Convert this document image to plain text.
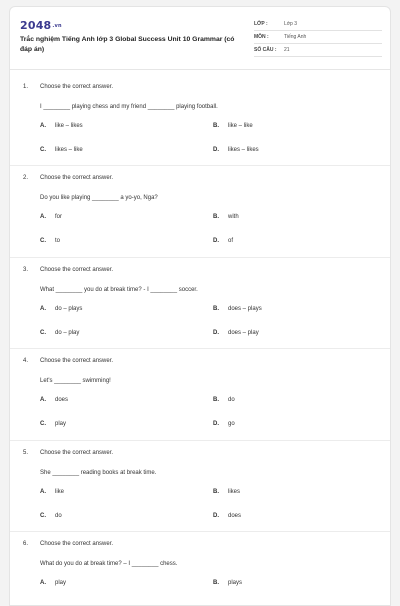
2048.vn
Trắc nghiệm Tiếng Anh lớp 3 Global Success Unit 10 Grammar (có đáp án)
LỚP :	Lớp 3
MÔN :	Tiếng Anh
SỐ CÂU : 21
1. Choose the correct answer.
I ________ playing chess and my friend ________ playing football.
A. like – likes	B. like – like
C. likes – like	D. likes – likes
2. Choose the correct answer.
Do you like playing ________ a yo-yo, Nga?
A. for	B. with
C. to	D. of
3. Choose the correct answer.
What ________ you do at break time? - I ________ soccer.
A. do – plays	B. does – plays
C. do – play	D. does – play
4. Choose the correct answer.
Let's ________ swimming!
A. does	B. do
C. play	D. go
5. Choose the correct answer.
She ________ reading books at break time.
A. like	B. likes
C. do	D. does
6. Choose the correct answer.
What do you do at break time? – I ________ chess.
A. play	B. plays
